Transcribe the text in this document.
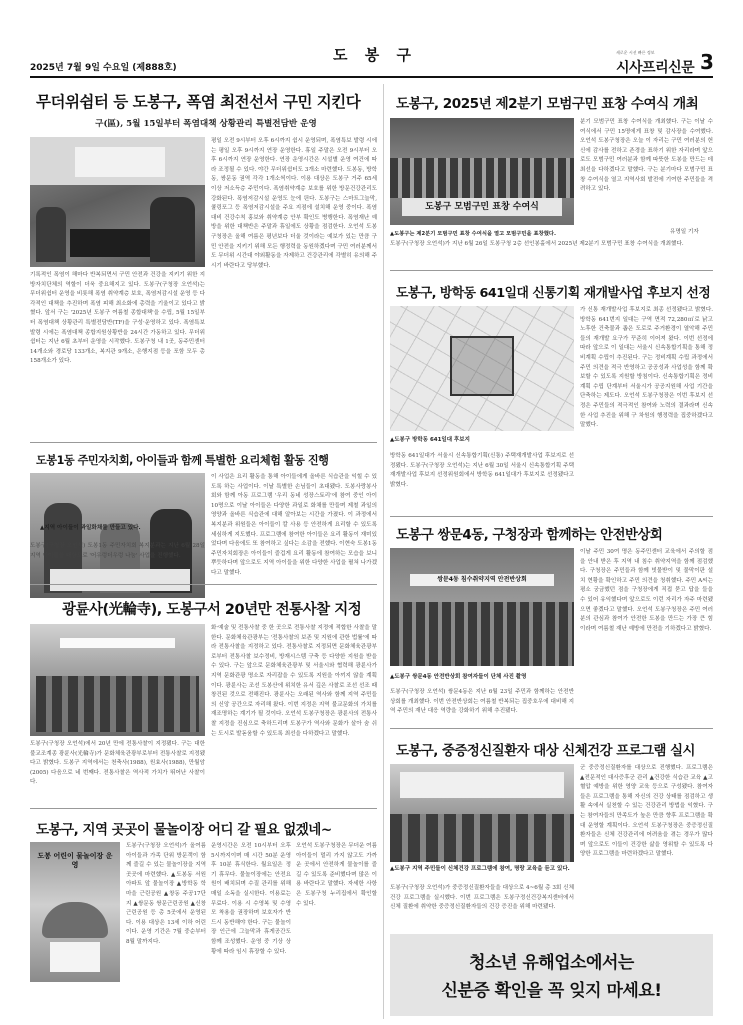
2025년 7월 9일 수요일 (제888호)
도 봉 구	새로운 시선 빠른 정보
시사프리신문 3
무더위쉼터 등 도봉구, 폭염 최전선서 구민 지킨다
구(區), 5월 15일부터 폭염대책 상황관리 특별전담반 운영
기록적인 폭염이 해마다 반복되면서 구민 안전과 건강을 지키기 위한 지방자치단체의 역할이 더욱 중요해지고 있다. 도봉구(구청장 오언석)는 무더위쉼터 운영을 비롯해 폭염 취약계층 보호, 폭염저감시설 운영 등 다각적인 대책을 추진하며 폭염 피해 최소화에 총력을 기울이고 있다고 밝혔다. 앞서 구는 '2025년 도봉구 여름철 종합대책'을 수립, 5월 15일부터 폭염대책 상황관리 특별전담반(TF)을 구성·운영하고 있다. 폭염특보 발령 시에는 폭염대책 종합지원상황반을 24시간 가동하고 있다. 무더위쉼터는 지난 6월 초부터 운영을 시작했다. 도봉구청 내 1곳, 동주민센터 14개소와 경로당 133개소, 복지관 9개소, 은행지점 등을 포함 모두 총 158개소가 있다.
평일 오전 9시부터 오후 6시까지 쉼시 운영되며, 폭염특보 발령 시에는 평일 오후 9시까지 연장 운영한다. 휴일 주말은 오전 9시부터 오후 6시까지 연장 운영한다. 연장 운영시간은 시설별 운영 여건에 따라 조정될 수 있다. 야간 무더위쉼터도 3개소 마련했다. 도봉동, 방학동, 쌍문동 권역 각각 1개소씩이다. 이용 대상은 도봉구 거주 65세 이상 저소득층 주민이다. 폭염취약계층 보호를 위한 방문건강관리도 강화된다. 폭염저감시설 운영도 눈에 띈다. 도봉구는 스마트그늘막, 쿨링포그 등 폭염저감시설을 주요 지점에 설치해 운영 중이다. 폭염 대비 건강수칙 홍보와 취약계층 안부 확인도 병행한다. 폭염재난 예방을 위한 대책반은 주말과 휴일에도 상황을 점검한다. 오언석 도봉구청장은 올해 여름은 평년보다 더울 것이라는 예보가 있는 만큼 구민 안전을 지키기 위해 모든 행정력을 동원하겠다며 구민 여러분께서도 무더위 시간대 야외활동을 자제하고 건강관리에 각별히 유의해 주시기 바란다고 당부했다.
도봉1동 주민자치회, 아이들과 함께 특별한 요리체험 활동 진행
▲지역 아이들이 과일화채를 만들고 있다.
도봉구(구청장 오언석) 도봉1동 주민자치회 복지분과는 지난 6월 28일 지역 아이들을 대상으로 '어우렁더우렁 나눔' 사업을 진행했다.
이 사업은 요리 활동을 통해 아이들에게 올바른 식습관을 익힐 수 있도록 하는 사업이다. 이날 특별한 손님들이 초대됐다. 도봉사랑봉사회와 함께 아동 프로그램 '우리 동네 성장스토리'에 참여 중인 아이 10명으로 이날 아이들은 다양한 과일로 화채를 만들며 제철 과일의 영양과 올바른 식습관에 대해 알아보는 시간을 가졌다. 이 과정에서 복지분과 위원들은 아이들이 칼 사용 등 안전하게 요리할 수 있도록 세심하게 지도했다. 프로그램에 참여한 아이들은 요리 활동이 재미있었다며 다음에도 또 참여하고 싶다는 소감을 전했다. 이현숙 도봉1동 주민자치회장은 아이들이 즐겁게 요리 활동에 참여하는 모습을 보니 뿌듯하다며 앞으로도 지역 아이들을 위한 다양한 사업을 펼쳐 나가겠다고 말했다.
광륜사(光輪寺), 도봉구서 20년만 전통사찰 지정
도봉구(구청장 오언석)에서 20년 만에 전통사찰이 지정됐다. 구는 대한불교조계종 광륜사(光輪寺)가 문화체육관광부로부터 전통사찰로 지정됐다고 밝혔다. 도봉구 지역에서는 천축사(1988), 원효사(1988), 만월암(2005) 다음으로 네 번째다. 전통사찰은 역사적 가치가 뛰어난 사찰이다.
화·예술 및 전통사찰 중 한 곳으로 전통사찰 지정에 적합한 사찰을 말한다. 문화체육관광부는 '전통사찰의 보존 및 지원에 관한 법률'에 따라 전통사찰을 지정하고 있다. 전통사찰로 지정되면 문화체육관광부로부터 전통사찰 보수정비, 방재시스템 구축 등 다양한 지원을 받을 수 있다. 구는 앞으로 문화체육관광부 및 서울시와 협력해 광륜사가 지역 문화관광 명소로 자리잡을 수 있도록 지원을 아끼지 않을 계획이다. 광륜사는 조선 도봉산에 위치한 유서 깊은 사찰로 조선 선조 때 창건된 것으로 전해진다. 광륜사는 오래된 역사와 함께 지역 주민들의 신앙 공간으로 자리해 왔다. 이번 지정은 지역 불교문화의 가치를 재조명하는 계기가 될 것이다. 오언석 도봉구청장은 광륜사의 전통사찰 지정을 진심으로 축하드리며 도봉구가 역사와 문화가 살아 숨 쉬는 도시로 발돋움할 수 있도록 최선을 다하겠다고 말했다.
도봉구, 지역 곳곳이 물놀이장 어디 갈 필요 없겠네~
도봉 어린이 물놀이장 운영
도봉구(구청장 오언석)가 올여름 아이들과 가족 단위 방문객이 함께 즐길 수 있는 물놀이장을 지역 곳곳에 마련했다. ▲도봉동 서원아파트 앞 물놀이장 ▲방학동 학마을 근린공원 ▲창동 주공17단지 ▲쌍문동 쌍문근린공원 ▲신창근린공원 등 총 5곳에서 운영된다. 이용 대상은 13세 이하 어린이다. 운영 기간은 7월 중순부터 8월 말까지다.
운영시간은 오전 10시부터 오후 5시까지이며 매 시간 50분 운영 후 10분 휴식한다. 월요일은 정기 휴무다. 물놀이장에는 안전요원이 배치되며 수질 관리를 위해 매일 소독을 실시한다. 이용료는 무료다. 이용 시 수영복 및 수영모 착용을 권장하며 보호자가 반드시 동반해야 한다. 구는 물놀이장 인근에 그늘막과 휴게공간도 함께 조성했다. 운영 중 기상 상황에 따라 임시 휴장할 수 있다.
오언석 도봉구청장은 무더운 여름 아이들이 멀리 가지 않고도 가까운 곳에서 안전하게 물놀이를 즐길 수 있도록 준비했다며 많은 이용 바란다고 말했다. 자세한 사항은 도봉구청 누리집에서 확인할 수 있다.
도봉구, 2025년 제2분기 모범구민 표창 수여식 개최
도봉구 모범구민 표창 수여식
▲도봉구는 제2분기 모범구민 표창 수여식을 열고 모범구민을 표창했다.
도봉구(구청장 오언석)가 지난 6월 26일 도봉구청 2층 선인봉홀에서 2025년 제2분기 모범구민 표창 수여식을 개최했다.
분기 모범구민 표창 수여식을 개최했다. 구는 이날 수여식에서 구민 15명에게 표창 및 감사장을 수여했다. 오언석 도봉구청장은 오늘 이 자리는 구민 여러분의 헌신에 감사를 전하고 존경을 표하기 위한 자리라며 앞으로도 모범구민 여러분과 함께 따뜻한 도봉을 만드는 데 최선을 다하겠다고 말했다. 구는 분기마다 모범구민 표창 수여식을 열고 지역사회 발전에 기여한 주민들을 격려하고 있다.
유명일 기자
도봉구, 방학동 641일대 신통기획 재개발사업 후보지 선정
▲도봉구 방학동 641일대 후보지
방학동 641일대가 서울시 신속통합기획(신통) 주택재개발사업 후보지로 선정됐다. 도봉구(구청장 오언석)는 지난 6월 30일 서울시 신속통합기획 주택재개발사업 후보지 선정위원회에서 방학동 641일대가 후보지로 선정됐다고 밝혔다.
가 신통 재개발사업 후보지로 최종 선정됐다고 밝혔다. 방학동 641번지 일대는 구역 면적 72,280㎡로 낡고 노후한 건축물과 좁은 도로로 주거환경이 열악해 주민들의 재개발 요구가 꾸준히 이어져 왔다. 이번 선정에 따라 앞으로 이 일대는 서울시 신속통합기획을 통해 정비계획 수립이 추진된다. 구는 정비계획 수립 과정에서 주민 의견을 적극 반영하고 공공성과 사업성을 함께 확보할 수 있도록 지원할 방침이다. 신속통합기획은 정비계획 수립 단계부터 서울시가 공공지원해 사업 기간을 단축하는 제도다. 오언석 도봉구청장은 이번 후보지 선정은 주민들의 적극적인 참여와 노력의 결과라며 신속한 사업 추진을 위해 구 차원의 행정력을 집중하겠다고 말했다.
도봉구 쌍문4동, 구청장과 함께하는 안전반상회
쌍문4동 침수취약지역 안전반상회
▲도봉구 쌍문4동 안전반상회 참여자들이 단체 사진 촬영
도봉구(구청장 오언석) 쌍문4동은 지난 6월 23일 주민과 함께하는 안전반상회를 개최했다. 이번 안전반상회는 여름철 반복되는 집중호우에 대비해 지역 주민의 재난 대응 역량을 강화하기 위해 추진됐다.
이날 주민 30여 명은 동주민센터 교육에서 주의할 점을 안내 받은 후 지역 내 침수 취약지역을 함께 점검했다. 구청장은 주민들과 함께 빗물받이 및 물막이판 설치 현황을 확인하고 주민 의견을 청취했다. 주민 A씨는 평소 궁금했던 점을 구청장에게 직접 묻고 답을 들을 수 있어 유익했다며 앞으로도 이런 자리가 자주 마련됐으면 좋겠다고 말했다. 오언석 도봉구청장은 주민 여러분의 관심과 참여가 안전한 도봉을 만드는 가장 큰 힘이라며 여름철 재난 예방에 만전을 기하겠다고 밝혔다.
도봉구, 중증정신질환자 대상 신체건강 프로그램 실시
▲도봉구 지역 주민들이 신체건강 프로그램에 참여, 명랑 교육을 듣고 있다.
도봉구(구청장 오언석)가 중증정신질환자들을 대상으로 4~6월 총 3회 신체건강 프로그램을 실시했다. 이번 프로그램은 도봉구정신건강복지센터에서 신체 질환에 취약한 중증정신질환자들의 건강 증진을 위해 마련됐다.
군 중증정신질환자를 대상으로 진행했다. 프로그램은 ▲전문적인 대사증후군 관리 ▲건강한 식습관 교육 ▲고혈압 예방을 위한 영양 교육 등으로 구성됐다. 참여자들은 프로그램을 통해 자신의 건강 상태를 점검하고 생활 속에서 실천할 수 있는 건강관리 방법을 익혔다. 구는 참여자들의 만족도가 높은 만큼 향후 프로그램을 확대 운영할 계획이다. 오언석 도봉구청장은 중증정신질환자들은 신체 건강관리에 어려움을 겪는 경우가 많다며 앞으로도 이들이 건강한 삶을 영위할 수 있도록 다양한 프로그램을 마련하겠다고 말했다.
청소년 유해업소에서는
신분증 확인을 꼭 잊지 마세요!
